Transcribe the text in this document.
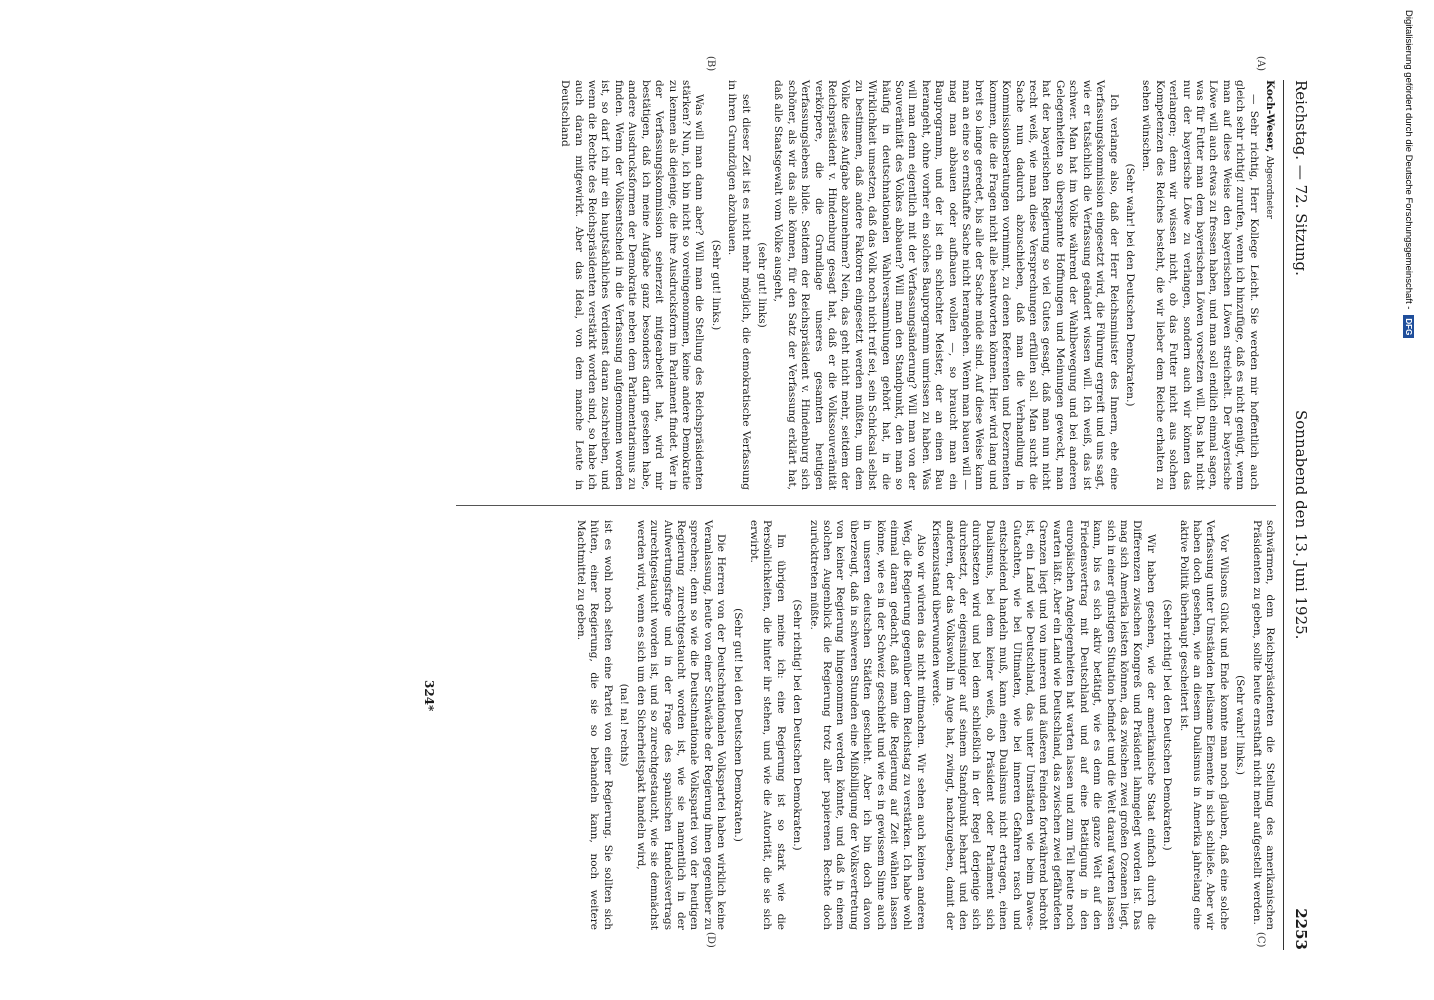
Reichstag. — 72. Sitzung.
Sonnabend den 13. Juni 1925.
2253
(A)
(B)
(C)
(D)

Koch-Weser, Abgeordneter

— Sehr richtig, Herr Kollege Leicht. Sie werden mir hoffentlich auch gleich sehr richtig! zurufen, wenn ich hinzufüge, daß es nicht genügt, wenn man auf diese Weise den bayerischen Löwen streichelt. Der bayerische Löwe will auch etwas zu fressen haben, und man soll endlich einmal sagen, was für Futter man dem bayerischen Löwen vorsetzen will. Das hat nicht nur der bayerische Löwe zu verlangen, sondern auch wir können das verlangen; denn wir wissen nicht, ob das Futter nicht aus solchen Kompetenzen des Reiches besteht, die wir lieber dem Reiche erhalten zu sehen wünschen.

(Sehr wahr! bei den Deutschen Demokraten.)

Ich verlange also, daß der Herr Reichsminister des Innern, ehe eine Verfassungskommission eingesetzt wird, die Führung ergreift und uns sagt, wie er tatsächlich die Verfassung geändert wissen will. Ich weiß, das ist schwer. Man hat im Volke während der Wahlbewegung und bei anderen Gelegenheiten so überspannte Hoffnungen und Meinungen geweckt, man hat der bayerischen Regierung so viel Gutes gesagt, daß man nun nicht recht weiß, wie man diese Versprechungen erfüllen soll. Man sucht die Sache nun dadurch abzuschieben, daß man die Verhandlung in Kommissionsberatungen vornimmt, zu denen Referenten und Dezernenten kommen, die die Fragen nicht alle beantworten können. Hier wird lang und breit so lange geredet, bis alle der Sache müde sind. Auf diese Weise kann man an eine so ernsthafte Sache nicht herangehen. Wenn man bauen will — mag man abbauen oder aufbauen wollen —, so braucht man ein Bauprogramm, und der ist ein schlechter Meister, der an einen Bau herangeht, ohne vorher ein solches Bauprogramm umrissen zu haben. Was will man denn eigentlich mit der Verfassungsänderung? Will man von der Souveränität des Volkes abbauen? Will man den Standpunkt, den man so häufig in deutschnationalen Wahlversammlungen gehört hat, in die Wirklichkeit umsetzen, daß das Volk noch nicht reif sei, sein Schicksal selbst zu bestimmen, daß andere Faktoren eingesetzt werden müßten, um dem Volke diese Aufgabe abzunehmen? Nein, das geht nicht mehr, seitdem der Reichspräsident v. Hindenburg gesagt hat, daß er die Volkssouveränität verkörpere, die die Grundlage unseres gesamten heutigen Verfassungslebens bilde. Seitdem der Reichspräsident v. Hindenburg sich schöner, als wir das alle können, für den Satz der Verfassung erklärt hat, daß alle Staatsgewalt vom Volke ausgeht,

(sehr gut! links)

seit dieser Zeit ist es nicht mehr möglich, die demokratische Verfassung in ihren Grundzügen abzubauen.

(Sehr gut! links.)

Was will man dann aber? Will man die Stellung des Reichspräsidenten stärken? Nun, ich bin nicht so voreingenommen, keine andere Demokratie zu kennen als diejenige, die ihre Ausdrucksform im Parlament findet. Wer in der Verfassungskommission seinerzeit mitgearbeitet hat, wird mir bestätigen, daß ich meine Aufgabe ganz besonders darin gesehen habe, andere Ausdrucksformen der Demokratie neben dem Parlamentarismus zu finden. Wenn der Volksentscheid in die Verfassung aufgenommen worden ist, so darf ich mir ein hauptsächliches Verdienst daran zuschreiben, und wenn die Rechte des Reichspräsidenten verstärkt worden sind, so habe ich auch daran mitgewirkt. Aber das Ideal, von dem manche Leute in Deutschland

schwärmen, dem Reichspräsidenten die Stellung des amerikanischen Präsidenten zu geben, sollte heute ernsthaft nicht mehr aufgestellt werden.

(Sehr wahr! links.)

Vor Wilsons Glück und Ende konnte man noch glauben, daß eine solche Verfassung unter Umständen heilsame Elemente in sich schließe. Aber wir haben doch gesehen, wie an diesem Dualismus in Amerika jahrelang eine aktive Politik überhaupt gescheitert ist.

(Sehr richtig! bei den Deutschen Demokraten.)

Wir haben gesehen, wie der amerikanische Staat einfach durch die Differenzen zwischen Kongreß und Präsident lahmgelegt worden ist. Das mag sich Amerika leisten können, das zwischen zwei großen Ozeanen liegt, sich in einer günstigen Situation befindet und die Welt darauf warten lassen kann, bis es sich aktiv betätigt, wie es denn die ganze Welt auf den Friedensvertrag mit Deutschland und auf eine Betätigung in den europäischen Angelegenheiten hat warten lassen und zum Teil heute noch warten läßt. Aber ein Land wie Deutschland, das zwischen zwei gefährdeten Grenzen liegt und von inneren und äußeren Feinden fortwährend bedroht ist, ein Land wie Deutschland, das unter Umständen wie beim Dawes-Gutachten, wie bei Ultimaten, wie bei inneren Gefahren rasch und entscheidend handeln muß, kann einen Dualismus nicht ertragen, einen Dualismus, bei dem keiner weiß, ob Präsident oder Parlament sich durchsetzen wird und bei dem schließlich in der Regel derjenige sich durchsetzt, der eigensinniger auf seinem Standpunkt beharrt und den anderen, der das Volkswohl im Auge hat, zwingt, nachzugeben, damit der Krisenzustand überwunden werde.

Also wir würden das nicht mitmachen. Wir sehen auch keinen anderen Weg, die Regierung gegenüber dem Reichstag zu verstärken. Ich habe wohl einmal daran gedacht, daß man die Regierung auf Zeit wählen lassen könne, wie es in der Schweiz geschieht und wie es in gewissem Sinne auch in unseren deutschen Städten geschieht. Aber ich bin doch davon überzeugt, daß in schweren Stunden eine Mißbilligung der Volksvertretung von keiner Regierung hingenommen werden könnte, und daß in einem solchen Augenblick die Regierung trotz aller papierenen Rechte doch zurücktreten müßte.

(Sehr richtig! bei den Deutschen Demokraten.)

Im übrigen meine ich: eine Regierung ist so stark wie die Persönlichkeiten, die hinter ihr stehen, und wie die Autorität, die sie sich erwirbt.

(Sehr gut! bei den Deutschen Demokraten.)

Die Herren von der Deutschnationalen Volkspartei haben wirklich keine Veranlassung, heute von einer Schwäche der Regierung ihnen gegenüber zu sprechen; denn so wie die Deutschnationale Volkspartei von der heutigen Regierung zurechtgestaucht worden ist, wie sie namentlich in der Aufwertungsfrage und in der Frage des spanischen Handelsvertrags zurechtgestaucht worden ist, und so zurechtgestaucht, wie sie demnächst werden wird, wenn es sich um den Sicherheitspakt handeln wird,

(na! na! rechts)

ist es wohl noch selten eine Partei von einer Regierung. Sie sollten sich hüten, einer Regierung, die sie so behandeln kann, noch weitere Machtmittel zu geben.

324*
Digitalisierung gefördert durch die Deutsche Forschungsgemeinschaft -
DFG
